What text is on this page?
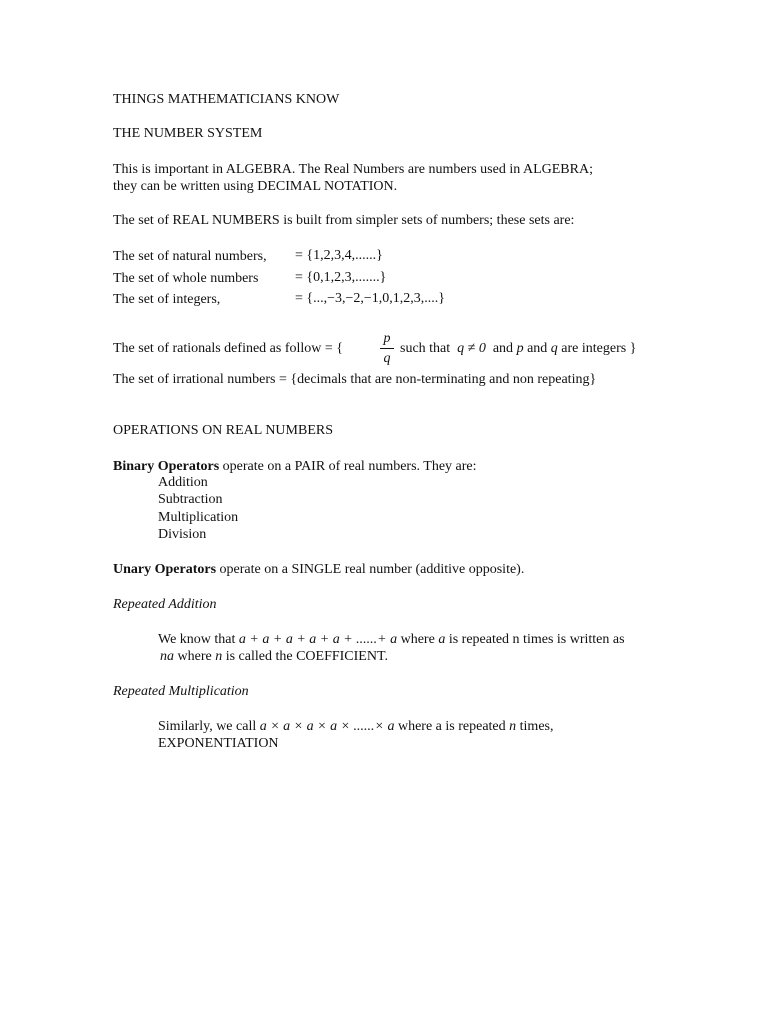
THINGS MATHEMATICIANS KNOW
THE NUMBER SYSTEM
This is important in ALGEBRA. The Real Numbers are numbers used in ALGEBRA;
they can be written using DECIMAL NOTATION.
The set of REAL NUMBERS is built from simpler sets of numbers; these sets are:
The set of natural numbers, = {1,2,3,4,......}
The set of whole numbers	= {0,1,2,3,.......}
The set of integers,	= {...,−3,−2,−1,0,1,2,3,....}
The set of rationals defined as follow = {
p
q
such that q ≠ 0 and p and q are integers }
The set of irrational numbers = {decimals that are non-terminating and non repeating}
OPERATIONS ON REAL NUMBERS
Binary Operators operate on a PAIR of real numbers. They are:
Addition
Subtraction
Multiplication
Division
Unary Operators operate on a SINGLE real number (additive opposite).
Repeated Addition
We know that a + a + a + a + a + ......+ a where a is repeated n times is written as
na where n is called the COEFFICIENT.
Repeated Multiplication
Similarly, we call a × a × a × a × ......× a where a is repeated n times,
EXPONENTIATION
